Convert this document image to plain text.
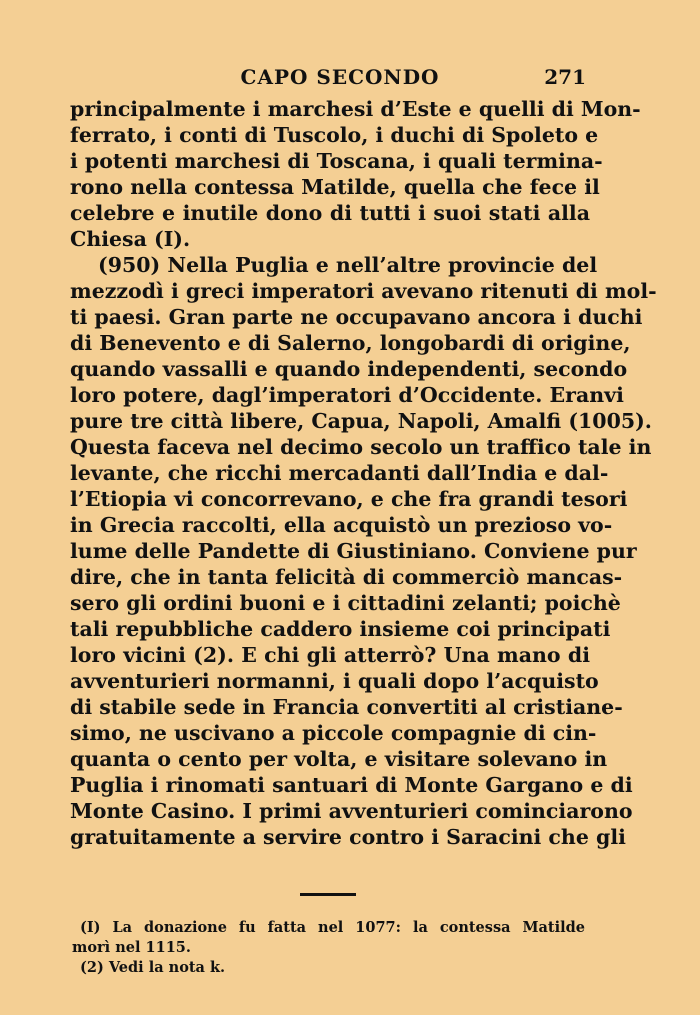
CAPO SECONDO	271
principalmente i marchesi d’Este e quelli di Mon-
ferrato, i conti di Tuscolo, i duchi di Spoleto e
i potenti marchesi di Toscana, i quali termina-
rono nella contessa Matilde, quella che fece il
celebre e inutile dono di tutti i suoi stati alla
Chiesa (I).
(950) Nella Puglia e nell’altre provincie del
mezzodì i greci imperatori avevano ritenuti di mol-
ti paesi. Gran parte ne occupavano ancora i duchi
di Benevento e di Salerno, longobardi di origine,
quando vassalli e quando independenti, secondo
loro potere, dagl’imperatori d’Occidente. Eranvi
pure tre città libere, Capua, Napoli, Amalfi (1005).
Questa faceva nel decimo secolo un traffico tale in
levante, che ricchi mercadanti dall’India e dal-
l’Etiopia vi concorrevano, e che fra grandi tesori
in Grecia raccolti, ella acquistò un prezioso vo-
lume delle Pandette di Giustiniano. Conviene pur
dire, che in tanta felicità di commerciò mancas-
sero gli ordini buoni e i cittadini zelanti; poichè
tali repubbliche caddero insieme coi principati
loro vicini (2). E chi gli atterrò? Una mano di
avventurieri normanni, i quali dopo l’acquisto
di stabile sede in Francia convertiti al cristiane-
simo, ne uscivano a piccole compagnie di cin-
quanta o cento per volta, e visitare solevano in
Puglia i rinomati santuari di Monte Gargano e di
Monte Casino. I primi avventurieri cominciarono
gratuitamente a servire contro i Saracini che gli
(I) La donazione fu fatta nel 1077: la contessa Matilde
morì nel 1115.
(2) Vedi la nota k.
